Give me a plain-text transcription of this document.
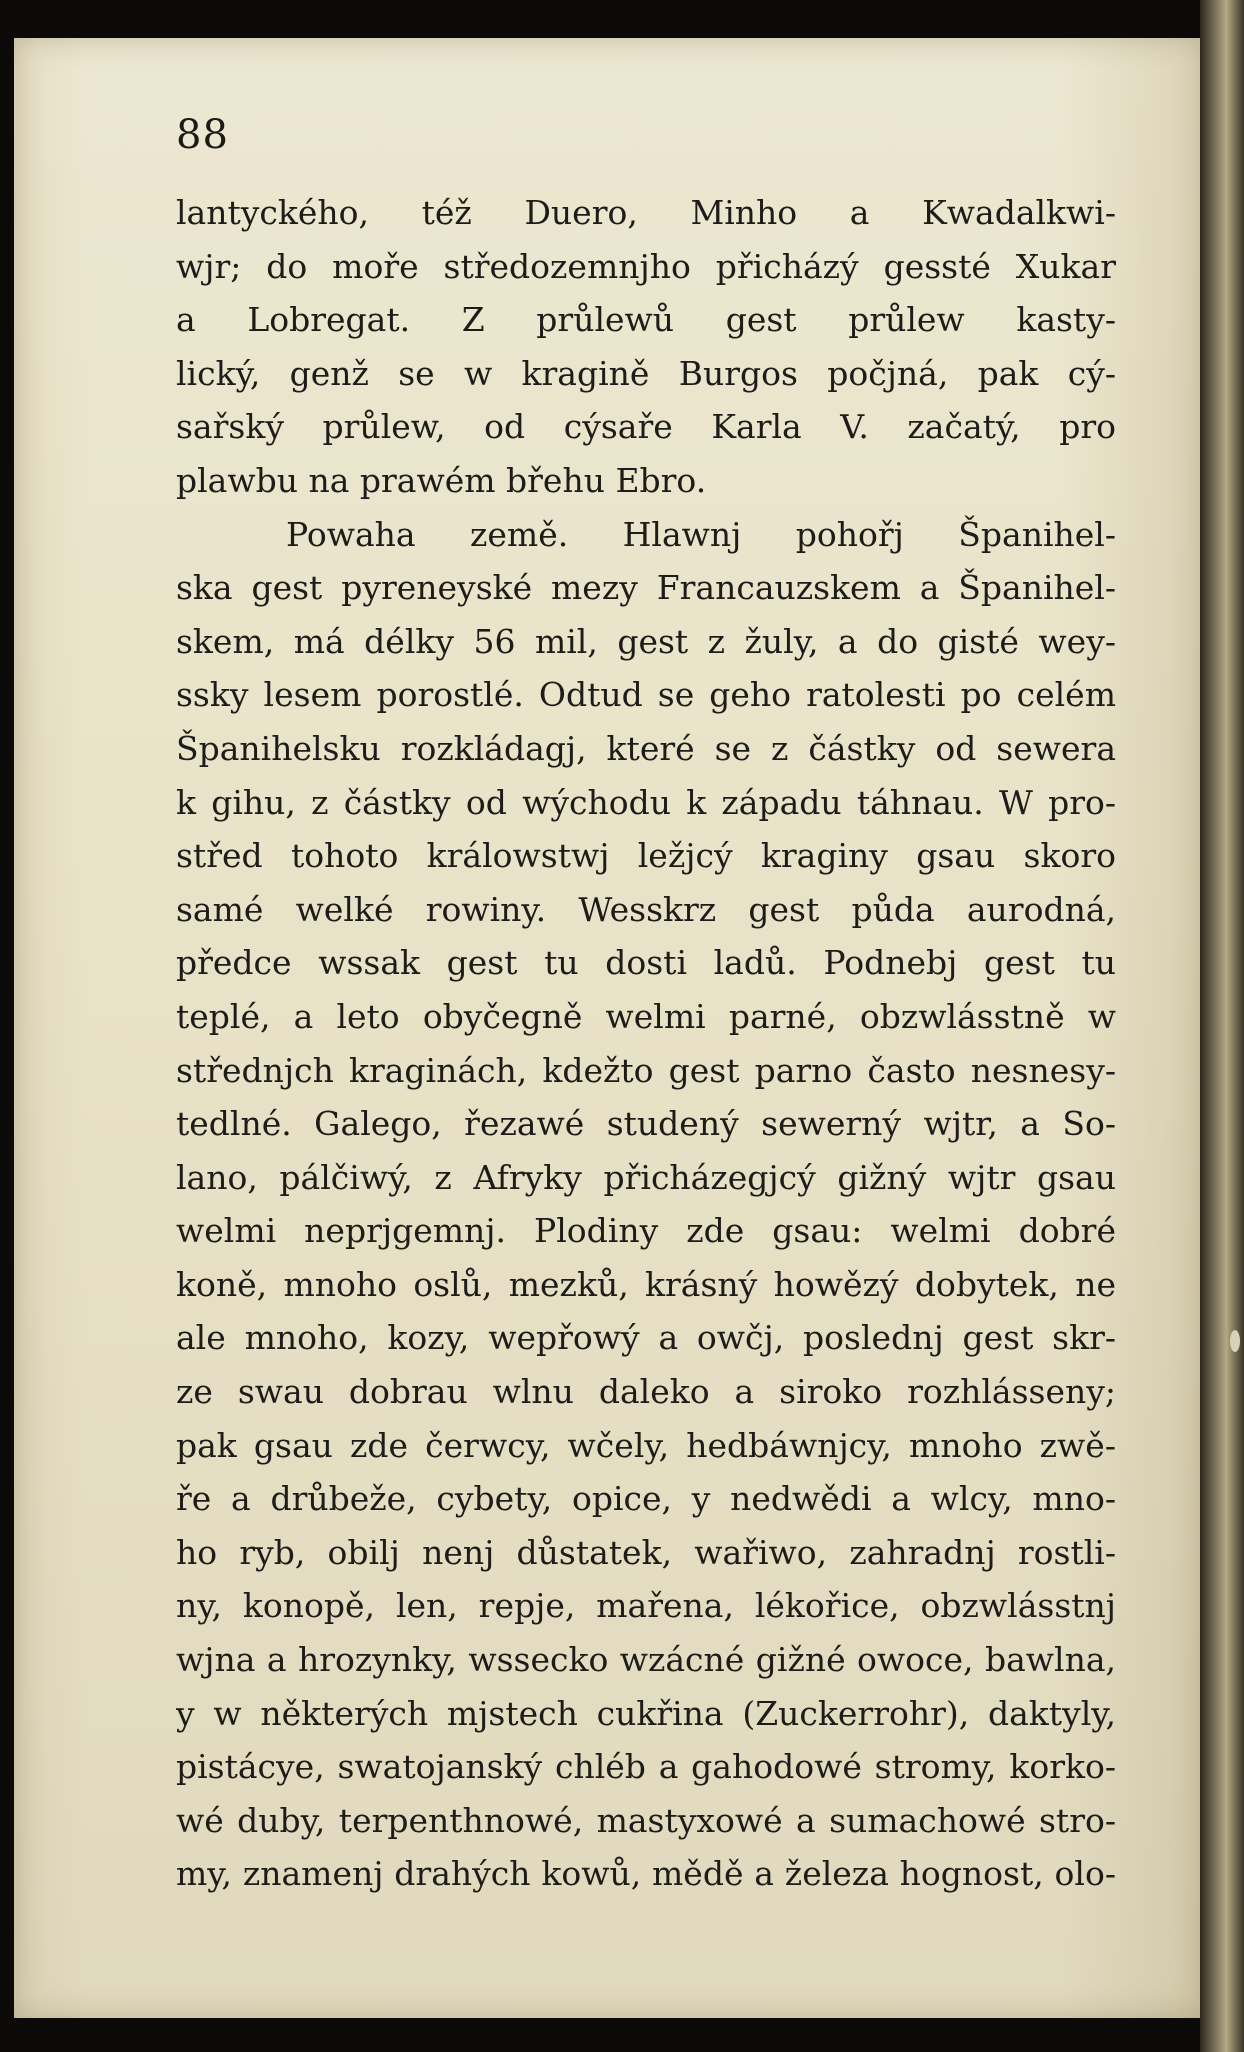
88

lantyckého, též Duero, Minho a Kwadalkwi-
wjr; do moře středozemnjho přicházý gessté Xukar
a Lobregat. Z průlewů gest průlew kasty-
lický, genž se w kragině Burgos počjná, pak cý-
sařský průlew, od cýsaře Karla V. začatý, pro
plawbu na prawém břehu Ebro.
Powaha země. Hlawnj pohořj Španihel-
ska gest pyreneyské mezy Francauzskem a Španihel-
skem, má délky 56 mil, gest z žuly, a do gisté wey-
ssky lesem porostlé. Odtud se geho ratolesti po celém
Španihelsku rozkládagj, které se z částky od sewera
k gihu, z částky od wýchodu k západu táhnau. W pro-
střed tohoto králowstwj ležjcý kraginy gsau skoro
samé welké rowiny. Wesskrz gest půda aurodná,
předce wssak gest tu dosti ladů. Podnebj gest tu
teplé, a leto obyčegně welmi parné, obzwlásstně w
střednjch kraginách, kdežto gest parno často nesnesy-
tedlné. Galego, řezawé studený sewerný wjtr, a So-
lano, pálčiwý, z Afryky přicházegjcý gižný wjtr gsau
welmi neprjgemnj. Plodiny zde gsau: welmi dobré
koně, mnoho oslů, mezků, krásný howězý dobytek, ne
ale mnoho, kozy, wepřowý a owčj, poslednj gest skr-
ze swau dobrau wlnu daleko a siroko rozhlásseny;
pak gsau zde čerwcy, wčely, hedbáwnjcy, mnoho zwě-
ře a drůbeže, cybety, opice, y nedwědi a wlcy, mno-
ho ryb, obilj nenj důstatek, wařiwo, zahradnj rostli-
ny, konopě, len, repje, mařena, lékořice, obzwlásstnj
wjna a hrozynky, wssecko wzácné gižné owoce, bawlna,
y w některých mjstech cukřina (Zuckerrohr), daktyly,
pistácye, swatojanský chléb a gahodowé stromy, korko-
wé duby, terpenthnowé, mastyxowé a sumachowé stro-
my, znamenj drahých kowů, mědě a železa hognost, olo-
